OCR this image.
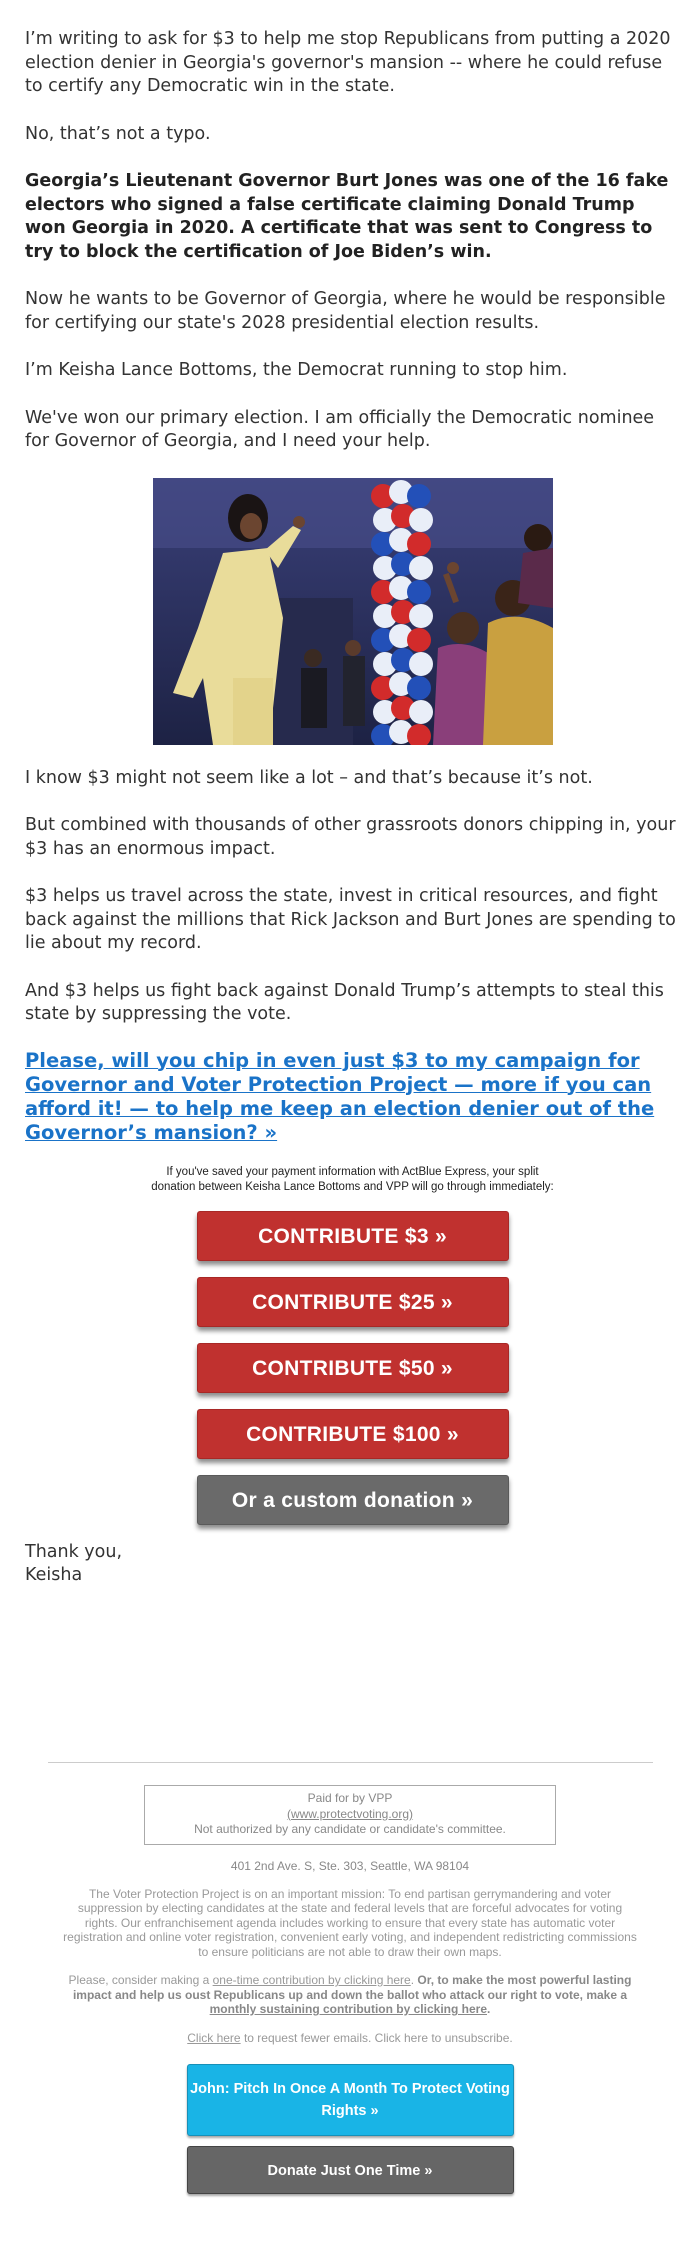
I’m writing to ask for $3 to help me stop Republicans from putting a 2020 election denier in Georgia's governor's mansion -- where he could refuse to certify any Democratic win in the state.

No, that’s not a typo.

Georgia’s Lieutenant Governor Burt Jones was one of the 16 fake electors who signed a false certificate claiming Donald Trump won Georgia in 2020. A certificate that was sent to Congress to try to block the certification of Joe Biden’s win.

Now he wants to be Governor of Georgia, where he would be responsible for certifying our state's 2028 presidential election results.

I’m Keisha Lance Bottoms, the Democrat running to stop him.

We've won our primary election. I am officially the Democratic nominee for Governor of Georgia, and I need your help.

I know $3 might not seem like a lot – and that’s because it’s not.

But combined with thousands of other grassroots donors chipping in, your $3 has an enormous impact.

$3 helps us travel across the state, invest in critical resources, and fight back against the millions that Rick Jackson and Burt Jones are spending to lie about my record.

And $3 helps us fight back against Donald Trump’s attempts to steal this state by suppressing the vote.

Please, will you chip in even just $3 to my campaign for Governor and Voter Protection Project — more if you can afford it! — to help me keep an election denier out of the Governor’s mansion? »
If you've saved your payment information with ActBlue Express, your split
donation between Keisha Lance Bottoms and VPP will go through immediately:
CONTRIBUTE $3 »
CONTRIBUTE $25 »
CONTRIBUTE $50 »
CONTRIBUTE $100 »
Or a custom donation »
Thank you,
Keisha
Paid for by VPP
(www.protectvoting.org)
Not authorized by any candidate or candidate's committee.
401 2nd Ave. S, Ste. 303, Seattle, WA 98104
The Voter Protection Project is on an important mission: To end partisan gerrymandering and voter suppression by electing candidates at the state and federal levels that are forceful advocates for voting rights. Our enfranchisement agenda includes working to ensure that every state has automatic voter registration and online voter registration, convenient early voting, and independent redistricting commissions to ensure politicians are not able to draw their own maps.
Please, consider making a one-time contribution by clicking here. Or, to make the most powerful lasting impact and help us oust Republicans up and down the ballot who attack our right to vote, make a monthly sustaining contribution by clicking here.
Click here to request fewer emails. Click here to unsubscribe.
John: Pitch In Once A Month To Protect Voting Rights »
Donate Just One Time »
